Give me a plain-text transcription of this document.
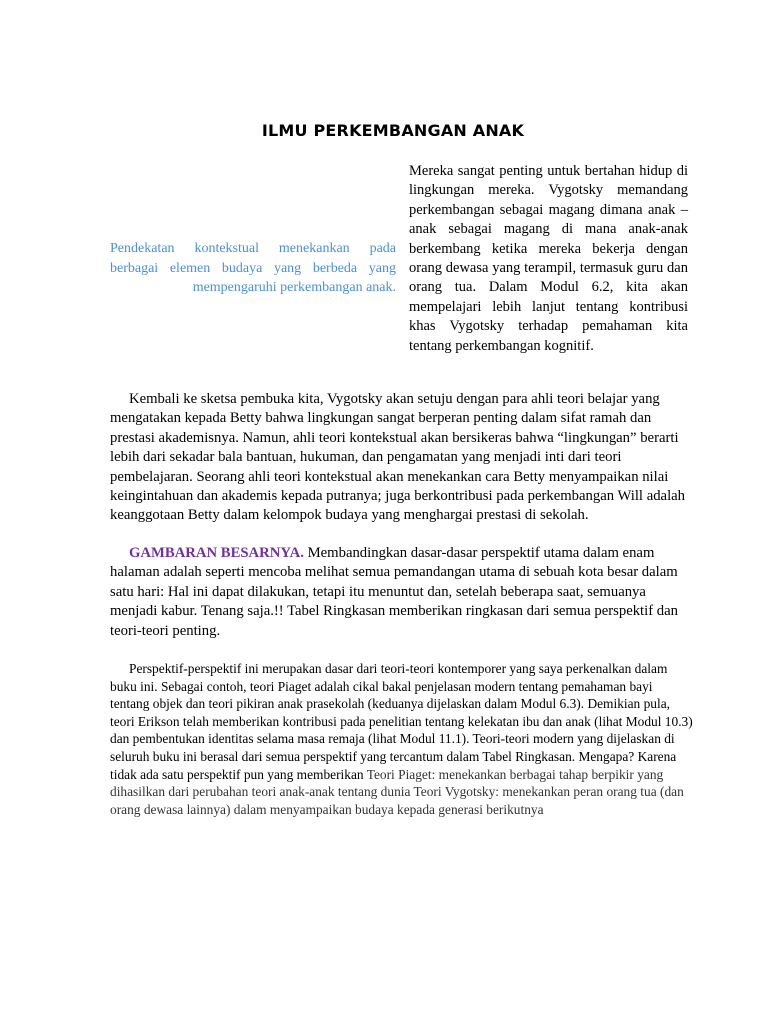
ILMU PERKEMBANGAN ANAK
Pendekatan kontekstual menekankan pada berbagai elemen budaya yang berbeda yang mempengaruhi perkembangan anak.
Mereka sangat penting untuk bertahan hidup di lingkungan mereka. Vygotsky memandang perkembangan sebagai magang dimana anak – anak sebagai magang di mana anak-anak berkembang ketika mereka bekerja dengan orang dewasa yang terampil, termasuk guru dan orang tua. Dalam Modul 6.2, kita akan mempelajari lebih lanjut tentang kontribusi khas Vygotsky terhadap pemahaman kita tentang perkembangan kognitif.
Kembali ke sketsa pembuka kita, Vygotsky akan setuju dengan para ahli teori belajar yang mengatakan kepada Betty bahwa lingkungan sangat berperan penting dalam sifat ramah dan prestasi akademisnya. Namun, ahli teori kontekstual akan bersikeras bahwa “lingkungan” berarti lebih dari sekadar bala bantuan, hukuman, dan pengamatan yang menjadi inti dari teori pembelajaran. Seorang ahli teori kontekstual akan menekankan cara Betty menyampaikan nilai keingintahuan dan akademis kepada putranya; juga berkontribusi pada perkembangan Will adalah keanggotaan Betty dalam kelompok budaya yang menghargai prestasi di sekolah.
GAMBARAN BESARNYA. Membandingkan dasar-dasar perspektif utama dalam enam halaman adalah seperti mencoba melihat semua pemandangan utama di sebuah kota besar dalam satu hari: Hal ini dapat dilakukan, tetapi itu menuntut dan, setelah beberapa saat, semuanya menjadi kabur. Tenang saja.!! Tabel Ringkasan memberikan ringkasan dari semua perspektif dan teori-teori penting.
Perspektif-perspektif ini merupakan dasar dari teori-teori kontemporer yang saya perkenalkan dalam buku ini. Sebagai contoh, teori Piaget adalah cikal bakal penjelasan modern tentang pemahaman bayi tentang objek dan teori pikiran anak prasekolah (keduanya dijelaskan dalam Modul 6.3). Demikian pula, teori Erikson telah memberikan kontribusi pada penelitian tentang kelekatan ibu dan anak (lihat Modul 10.3) dan pembentukan identitas selama masa remaja (lihat Modul 11.1). Teori-teori modern yang dijelaskan di seluruh buku ini berasal dari semua perspektif yang tercantum dalam Tabel Ringkasan. Mengapa? Karena tidak ada satu perspektif pun yang memberikan Teori Piaget: menekankan berbagai tahap berpikir yang dihasilkan dari perubahan teori anak-anak tentang dunia Teori Vygotsky: menekankan peran orang tua (dan orang dewasa lainnya) dalam menyampaikan budaya kepada generasi berikutnya
